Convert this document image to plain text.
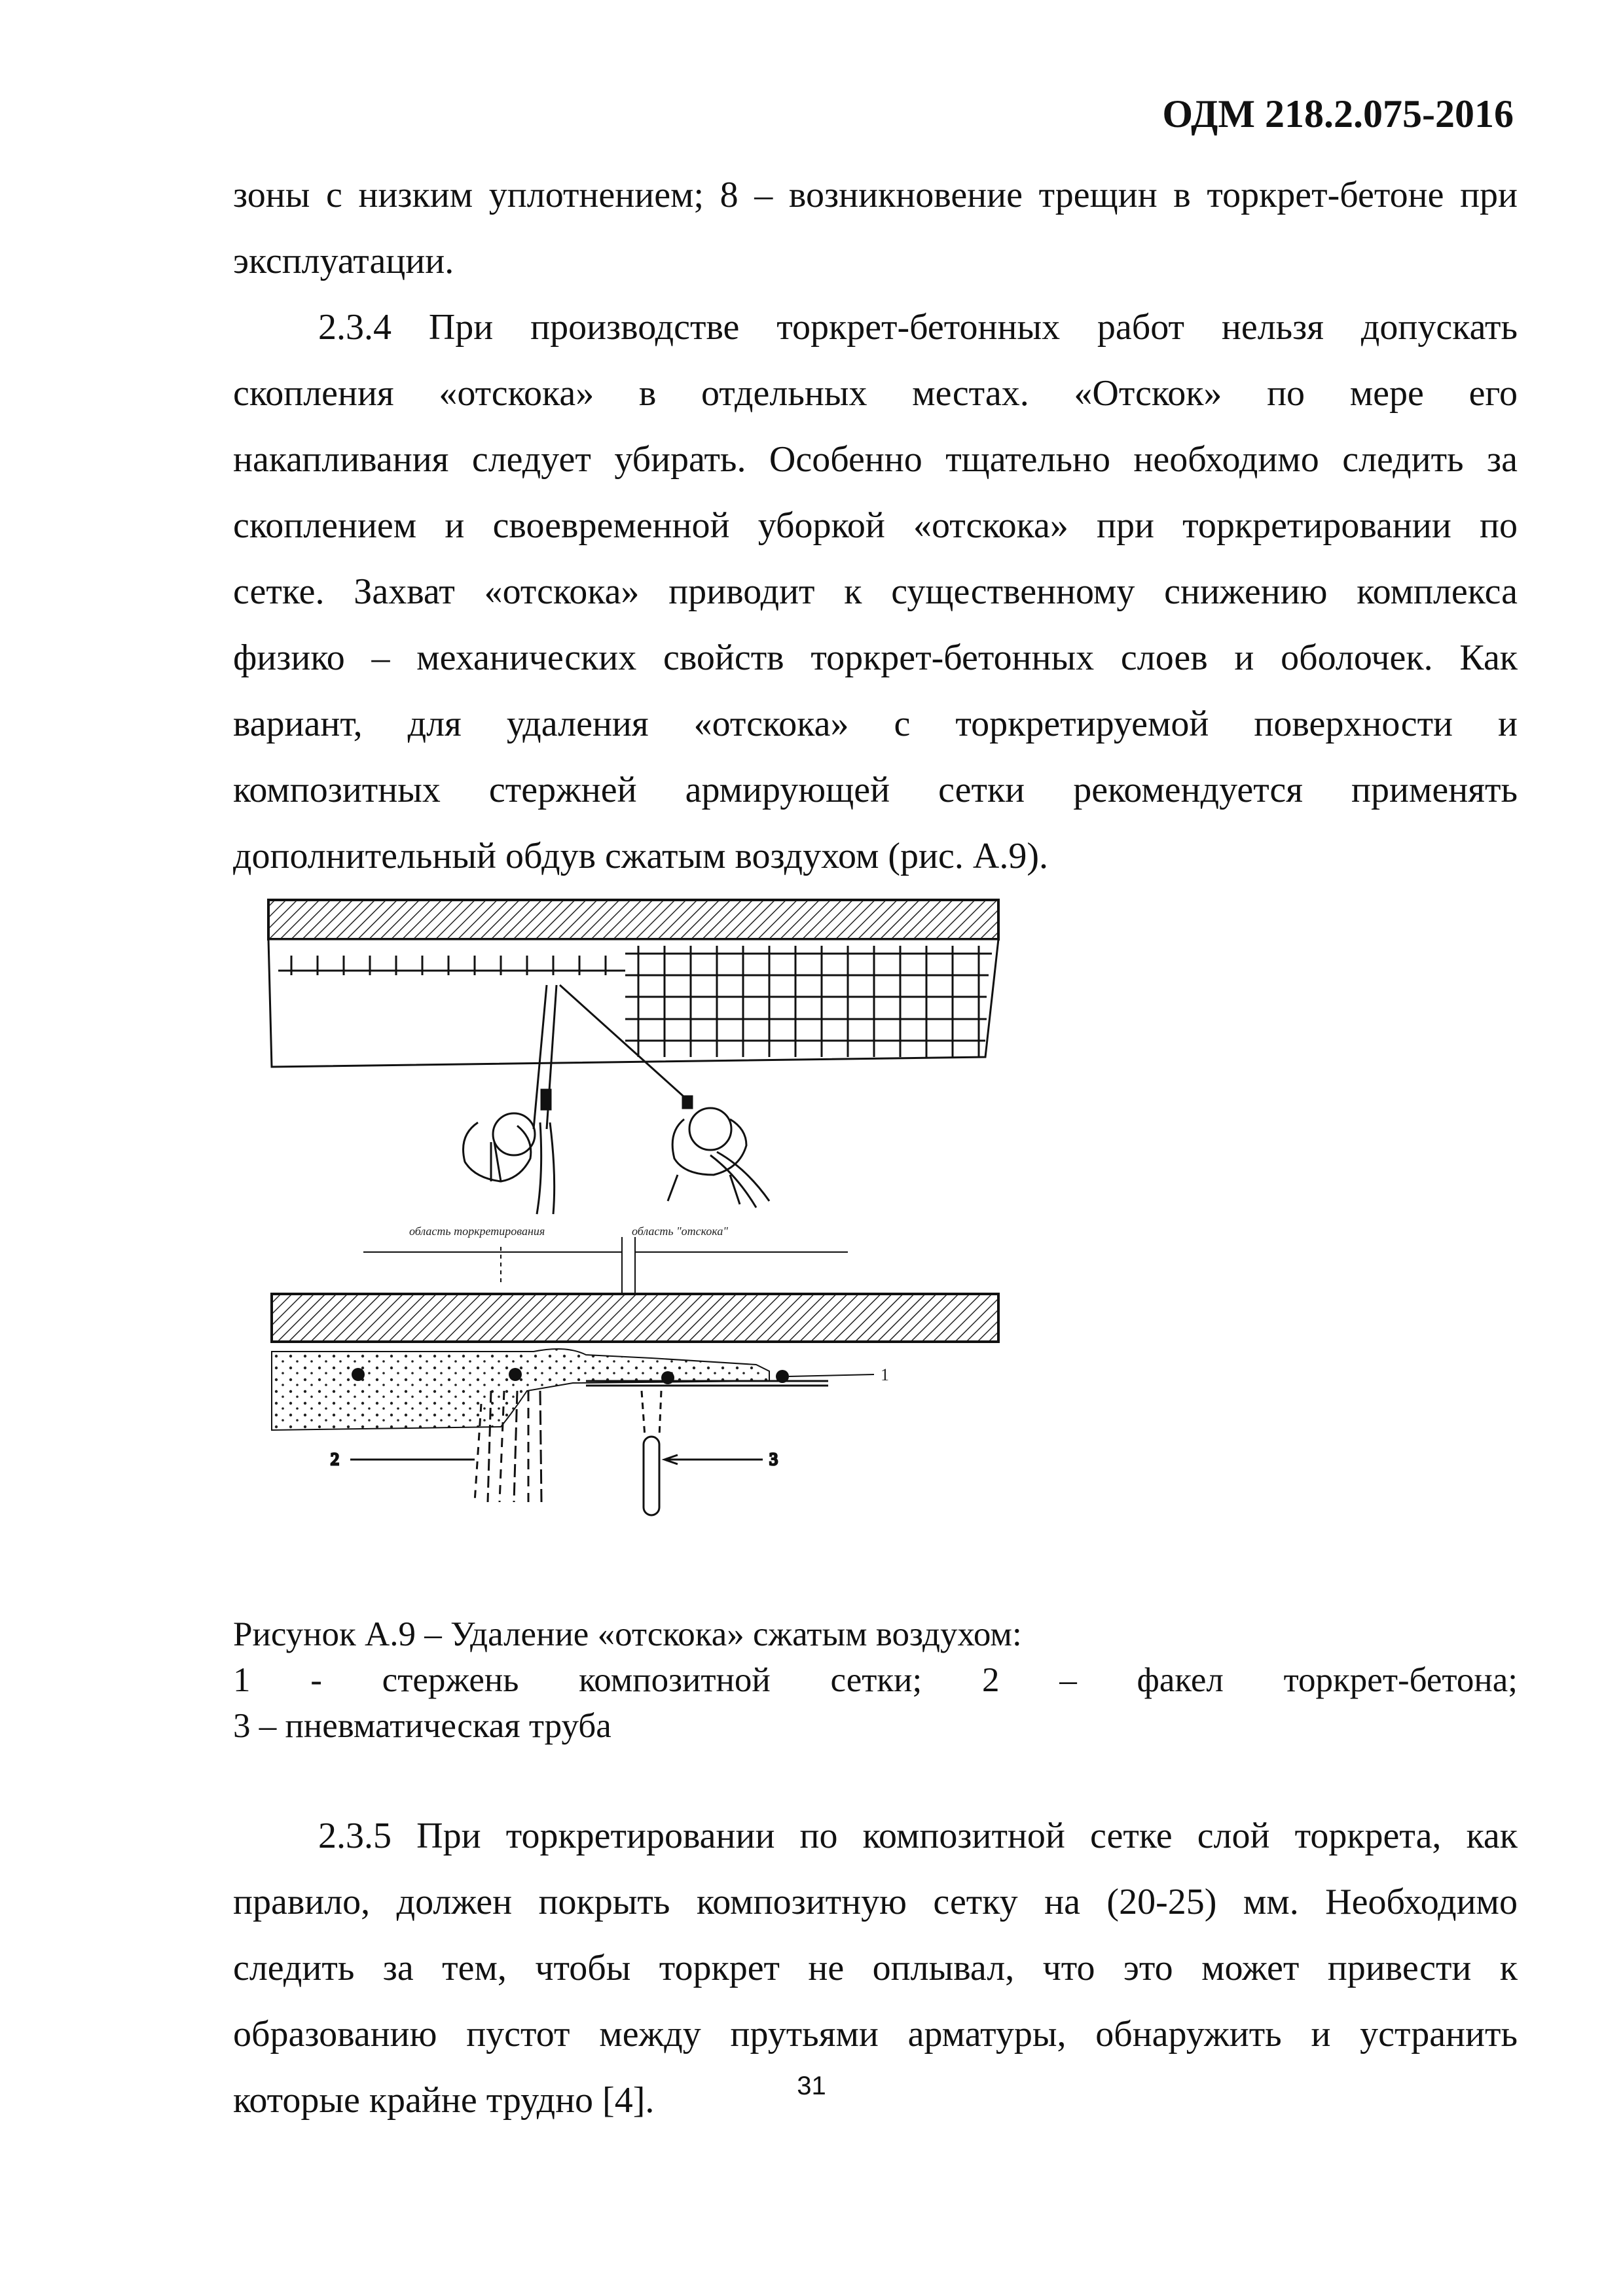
ОДМ 218.2.075-2016
зоны с низким уплотнением; 8 – возникновение трещин в торкрет-бетоне при
эксплуатации.
2.3.4 При производстве торкрет-бетонных работ нельзя допускать
скопления «отскока» в отдельных местах. «Отскок» по мере его
накапливания следует убирать. Особенно тщательно необходимо следить за
скоплением и своевременной уборкой «отскока» при торкретировании по
сетке. Захват «отскока» приводит к существенному снижению комплекса
физико – механических свойств торкрет-бетонных слоев и оболочек. Как
вариант, для удаления «отскока» с торкретируемой поверхности и
композитных стержней армирующей сетки рекомендуется применять
дополнительный обдув сжатым воздухом (рис. А.9).
область торкретирования	область "отскока"
1
2	3
Рисунок А.9 – Удаление «отскока» сжатым воздухом:
1 - стержень композитной сетки; 2 – факел торкрет-бетона;
3 – пневматическая труба
2.3.5 При торкретировании по композитной сетке слой торкрета, как
правило, должен покрыть композитную сетку на (20-25) мм. Необходимо
следить за тем, чтобы торкрет не оплывал, что это может привести к
образованию пустот между прутьями арматуры, обнаружить и устранить
которые крайне трудно [4].	31
